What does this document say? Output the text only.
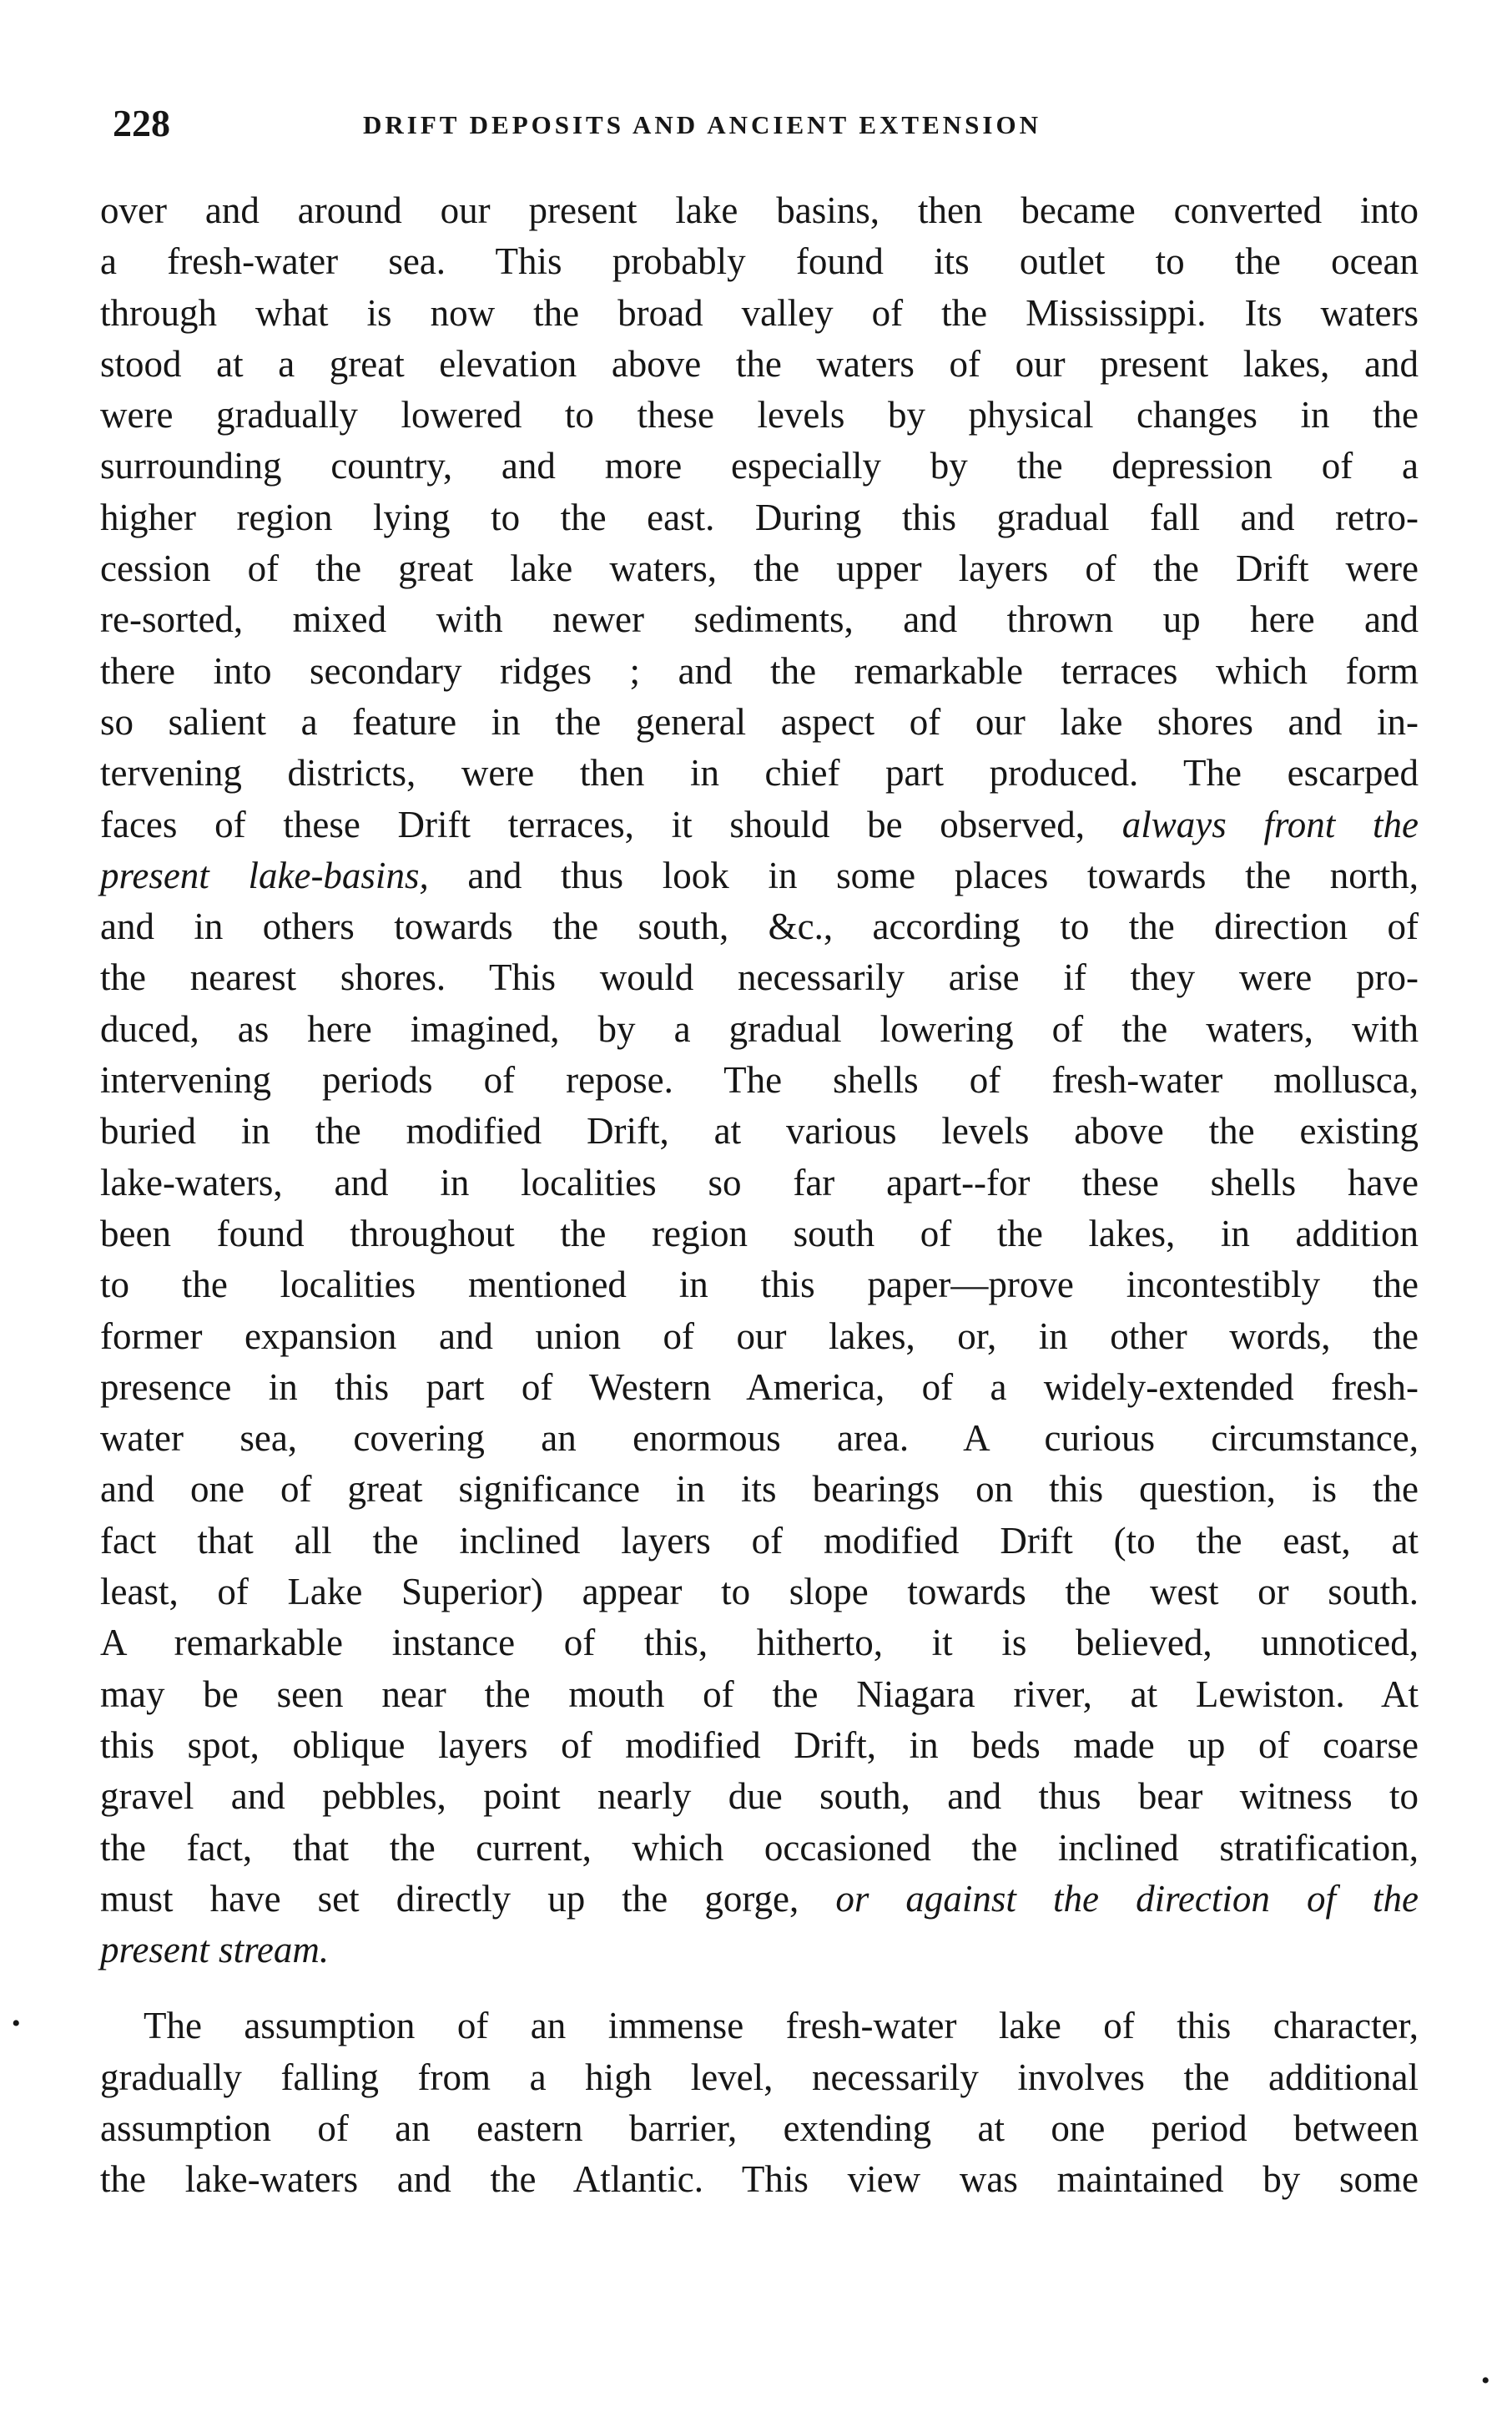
228	DRIFT DEPOSITS AND ANCIENT EXTENSION
over and around our present lake basins, then became converted into
a fresh-water sea. This probably found its outlet to the ocean
through what is now the broad valley of the Mississippi. Its waters
stood at a great elevation above the waters of our present lakes, and
were gradually lowered to these levels by physical changes in the
surrounding country, and more especially by the depression of a
higher region lying to the east. During this gradual fall and retro-
cession of the great lake waters, the upper layers of the Drift were
re-sorted, mixed with newer sediments, and thrown up here and
there into secondary ridges ; and the remarkable terraces which form
so salient a feature in the general aspect of our lake shores and in-
tervening districts, were then in chief part produced. The escarped
faces of these Drift terraces, it should be observed, always front the
present lake-basins, and thus look in some places towards the north,
and in others towards the south, &c., according to the direction of
the nearest shores. This would necessarily arise if they were pro-
duced, as here imagined, by a gradual lowering of the waters, with
intervening periods of repose. The shells of fresh-water mollusca,
buried in the modified Drift, at various levels above the existing
lake-waters, and in localities so far apart--for these shells have
been found throughout the region south of the lakes, in addition
to the localities mentioned in this paper—prove incontestibly the
former expansion and union of our lakes, or, in other words, the
presence in this part of Western America, of a widely-extended fresh-
water sea, covering an enormous area. A curious circumstance,
and one of great significance in its bearings on this question, is the
fact that all the inclined layers of modified Drift (to the east, at
least, of Lake Superior) appear to slope towards the west or south.
A remarkable instance of this, hitherto, it is believed, unnoticed,
may be seen near the mouth of the Niagara river, at Lewiston. At
this spot, oblique layers of modified Drift, in beds made up of coarse
gravel and pebbles, point nearly due south, and thus bear witness to
the fact, that the current, which occasioned the inclined stratification,
must have set directly up the gorge, or against the direction of the
present stream.
The assumption of an immense fresh-water lake of this character,
gradually falling from a high level, necessarily involves the additional
assumption of an eastern barrier, extending at one period between
the lake-waters and the Atlantic. This view was maintained by some
•
•
